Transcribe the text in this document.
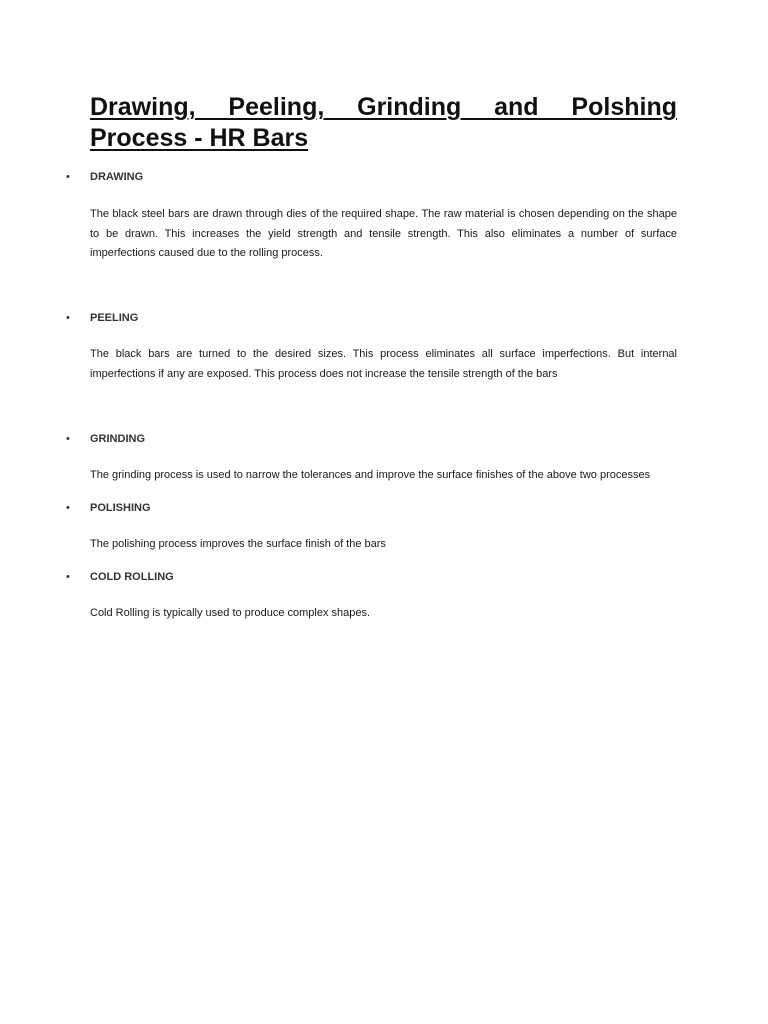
Drawing, Peeling, Grinding and Polshing Process - HR Bars
• DRAWING

The black steel bars are drawn through dies of the required shape. The raw material is chosen depending on the shape to be drawn. This increases the yield strength and tensile strength. This also eliminates a number of surface imperfections caused due to the rolling process.

• PEELING

The black bars are turned to the desired sizes. This process eliminates all surface imperfections. But internal imperfections if any are exposed. This process does not increase the tensile strength of the bars

• GRINDING

The grinding process is used to narrow the tolerances and improve the surface finishes of the above two processes

• POLISHING

The polishing process improves the surface finish of the bars

• COLD ROLLING

Cold Rolling is typically used to produce complex shapes.
